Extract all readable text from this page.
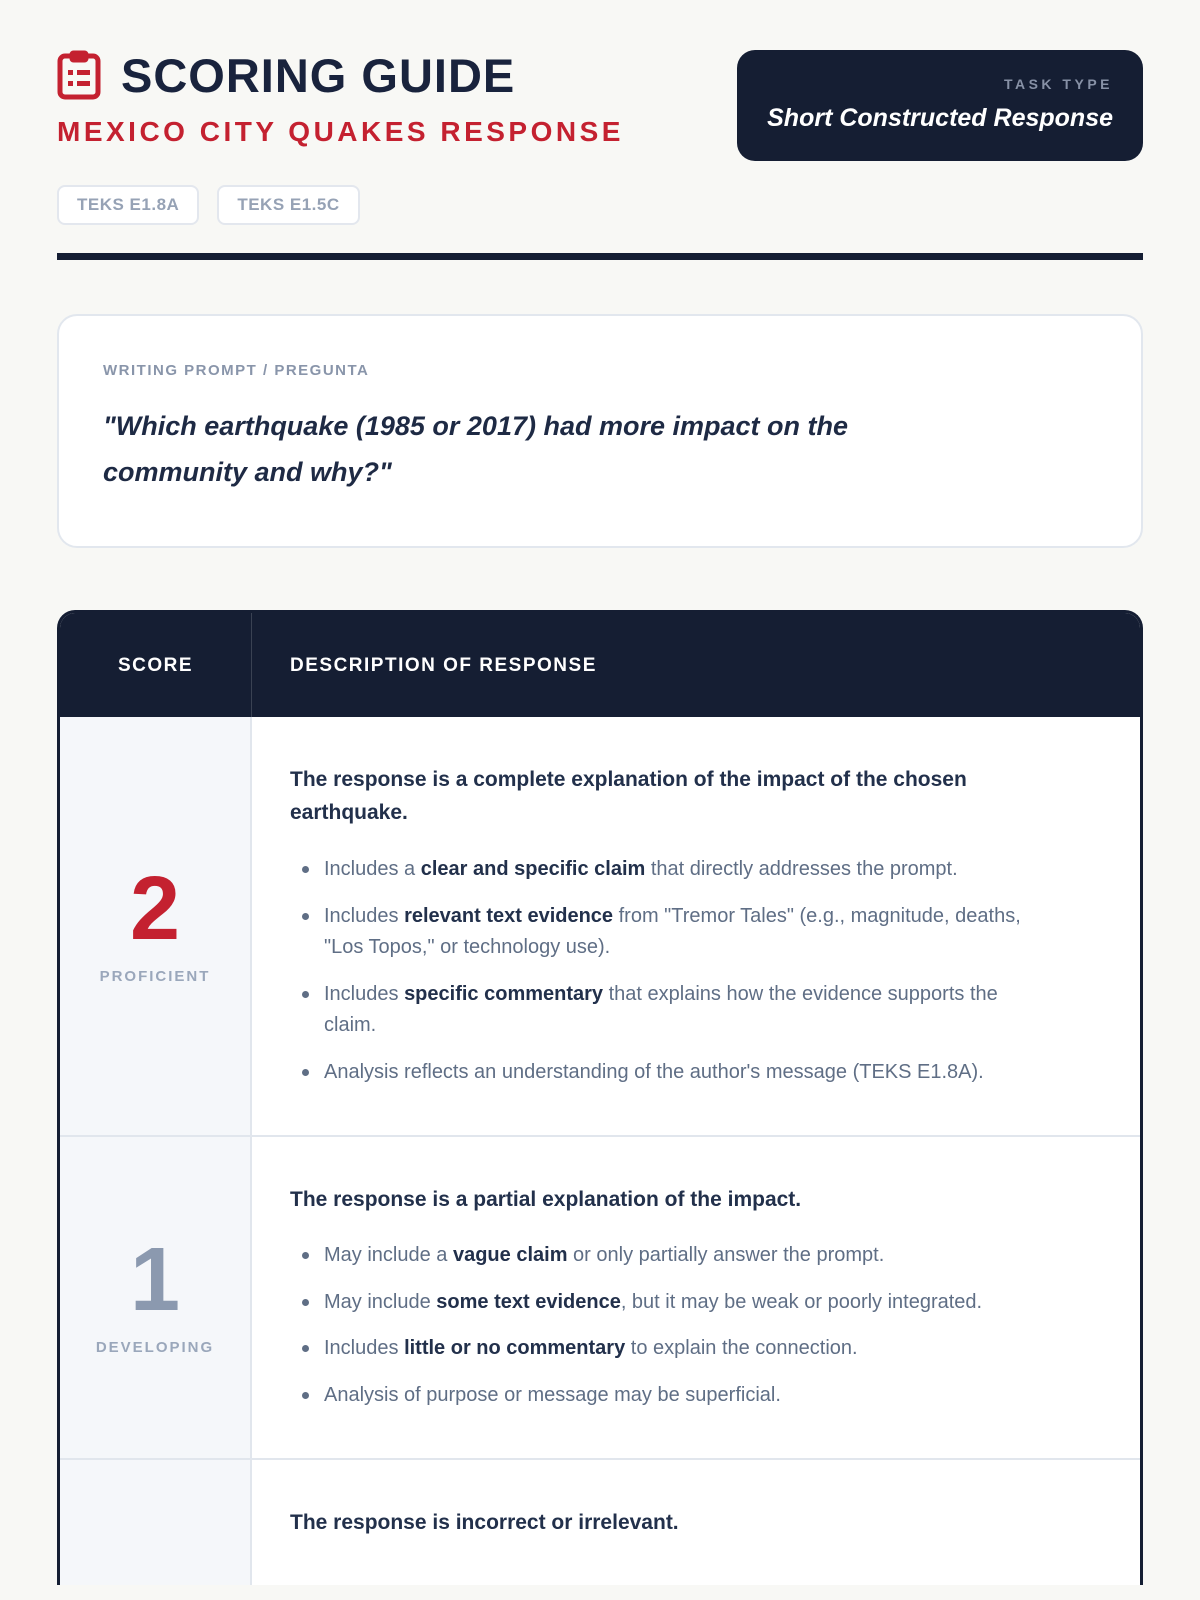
SCORING GUIDE
MEXICO CITY QUAKES RESPONSE
TASK TYPE
Short Constructed Response
TEKS E1.8A	TEKS E1.5C
WRITING PROMPT / PREGUNTA
"Which earthquake (1985 or 2017) had more impact on the community and why?"
SCORE	DESCRIPTION OF RESPONSE
2
PROFICIENT

The response is a complete explanation of the impact of the chosen earthquake.

Includes a clear and specific claim that directly addresses the prompt.
Includes relevant text evidence from "Tremor Tales" (e.g., magnitude, deaths, "Los Topos," or technology use).
Includes specific commentary that explains how the evidence supports the claim.
Analysis reflects an understanding of the author's message (TEKS E1.8A).
1
DEVELOPING

The response is a partial explanation of the impact.

May include a vague claim or only partially answer the prompt.
May include some text evidence, but it may be weak or poorly integrated.
Includes little or no commentary to explain the connection.
Analysis of purpose or message may be superficial.

The response is incorrect or irrelevant.
